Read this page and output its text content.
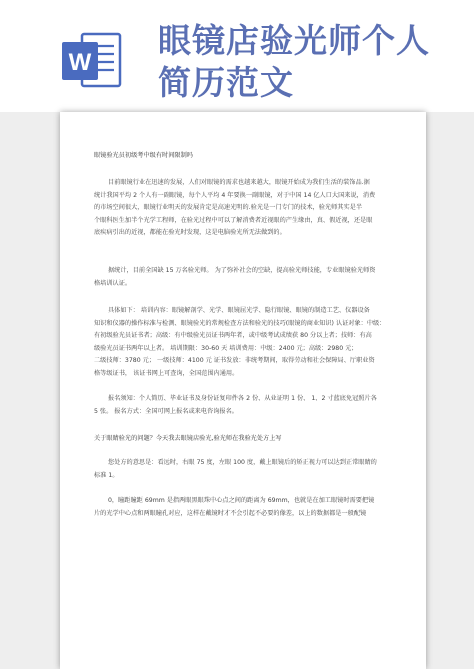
W
眼镜店验光师个人
简历范文
眼镜验光员初级考中级有时间限制吗
目前眼镜行业在迅速的发展，人们对眼镜的需求也越来越大，眼镜开始成为我们生活的装饰品.据
统计我国平均 2 个人有一副眼镜，每个人平均 4 年要换一副眼镜，对于中国 14 亿人口大国来说，消费
的市场空间很大，眼镜行业明天的发展肯定是高速光明的.验光是一门专门的技术，验光师其实是半
个眼科医生加半个光学工程师，在验光过程中可以了解消费者近视眼的产生缘由，真、假近视，还是眼
底疾病引出的近视，都能在验光时发现，这是电脑验光所无法做到的。
据统计，目前全国缺 15 万名验光师。 为了弥补社会的空缺，提高验光师技能，专业眼镜验光师资
格培训认证。
具体如下： 培训内容：眼镜解剖学、光学、眼镜屈光学、隐行眼镜、眼镜的制造工艺、仪器设备
知识和仪器的操作标准与检测、眼镜验光的常规检查方法和验光的技巧(眼镜的商业知识) 认证对象：中级：
有初级验光员证书者；高级：有中级验光员证书两年者，或中级考试成绩获 80 分以上者；技师：有高
级验光员证书两年以上者。 培训期限：30-60 天 培训费用：中级：2400 元；高级：2980 元；
二级技师：3780 元； 一级技师：4100 元 证书发放：非统考期间，取得劳动和社会保障局、厅职业资
格等级证书， 该证书网上可查询，全国范围内通用。
报名须知：个人简历、毕业证书及身份证复印件各 2 份、从业证明 1 份、 1、2 寸蓝底免冠照片各
5 张。 报名方式：全国可网上报名或来电咨询报名。
关于眼睛验光的问题？今天我去眼镜店验光,验光师在我验光处方上写
您处方的意思是：看远时，右眼 75 度，左眼 100 度，戴上眼镜后的矫正视力可以达到正常眼睛的
标准 1。
0，瞳距瞳距 69mm 是指两眼黑眼珠中心点之间的距离为 69mm，也就是在加工眼镜时需要把镜
片的光学中心点和两眼瞳孔对应，这样在戴镜时才不会引起不必要的像差，以上的数据都是一般配镜
